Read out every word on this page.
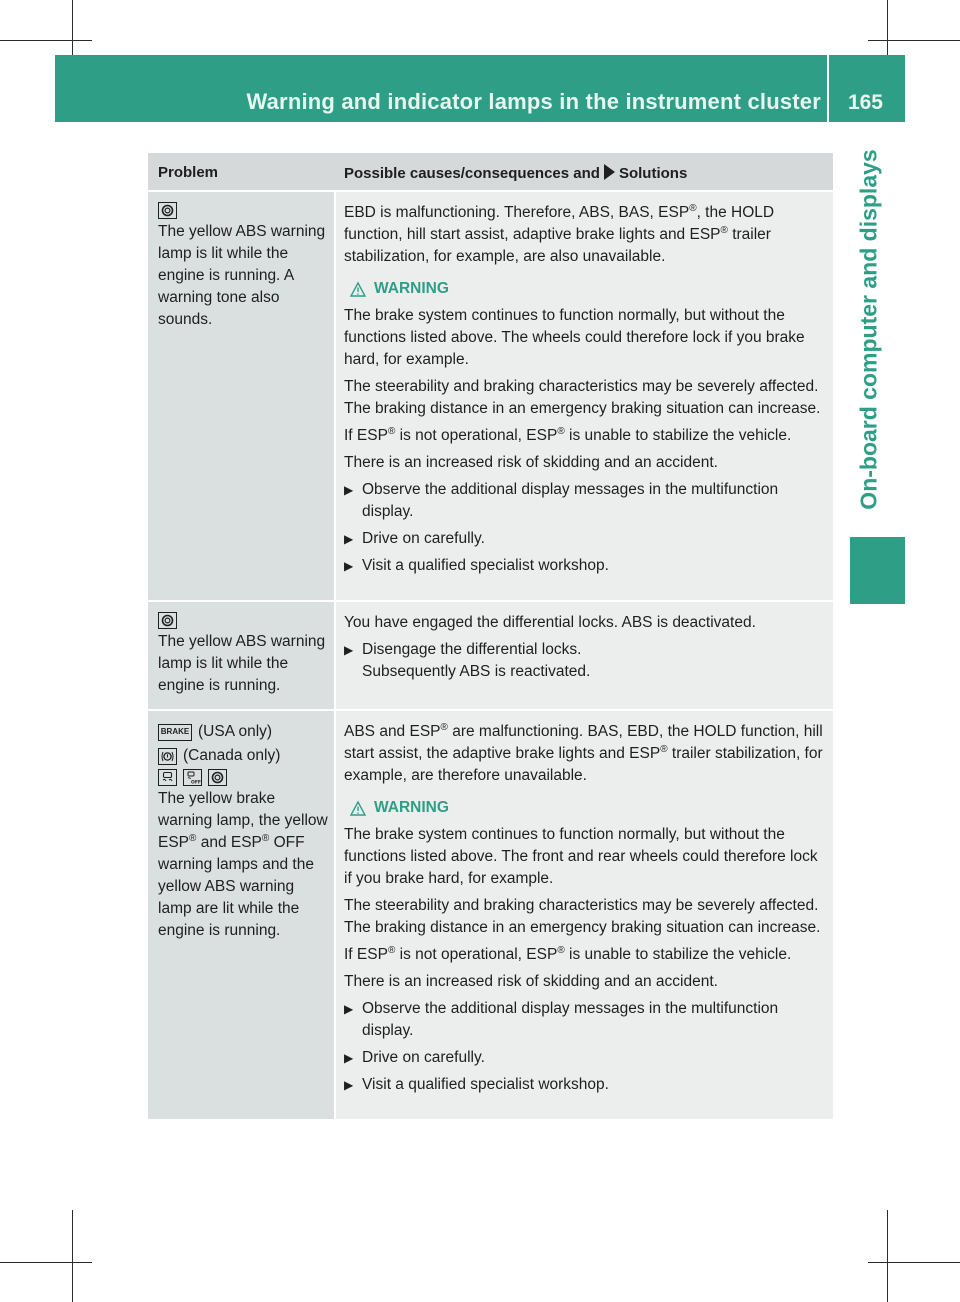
Warning and indicator lamps in the instrument cluster 165
On-board computer and displays
Problem	Possible causes/consequences and Solutions
The yellow ABS warning lamp is lit while the engine is running. A warning tone also sounds.

EBD is malfunctioning. Therefore, ABS, BAS, ESP®, the HOLD function, hill start assist, adaptive brake lights and ESP® trailer stabilization, for example, are also unavailable.

WARNING

The brake system continues to function normally, but without the functions listed above. The wheels could therefore lock if you brake hard, for example.

The steerability and braking characteristics may be severely affected. The braking distance in an emergency braking situation can increase.

If ESP® is not operational, ESP® is unable to stabilize the vehicle.

There is an increased risk of skidding and an accident.

▶ Observe the additional display messages in the multifunction display.
▶ Drive on carefully.
▶ Visit a qualified specialist workshop.
The yellow ABS warning lamp is lit while the engine is running.

You have engaged the differential locks. ABS is deactivated.

▶ Disengage the differential locks.
Subsequently ABS is reactivated.
BRAKE (USA only)
(Canada only)
OFF
The yellow brake warning lamp, the yellow ESP® and ESP® OFF warning lamps and the yellow ABS warning lamp are lit while the engine is running.

ABS and ESP® are malfunctioning. BAS, EBD, the HOLD function, hill start assist, the adaptive brake lights and ESP® trailer stabilization, for example, are therefore unavailable.

WARNING

The brake system continues to function normally, but without the functions listed above. The front and rear wheels could therefore lock if you brake hard, for example.

The steerability and braking characteristics may be severely affected. The braking distance in an emergency braking situation can increase.

If ESP® is not operational, ESP® is unable to stabilize the vehicle.

There is an increased risk of skidding and an accident.

▶ Observe the additional display messages in the multifunction display.
▶ Drive on carefully.
▶ Visit a qualified specialist workshop.
